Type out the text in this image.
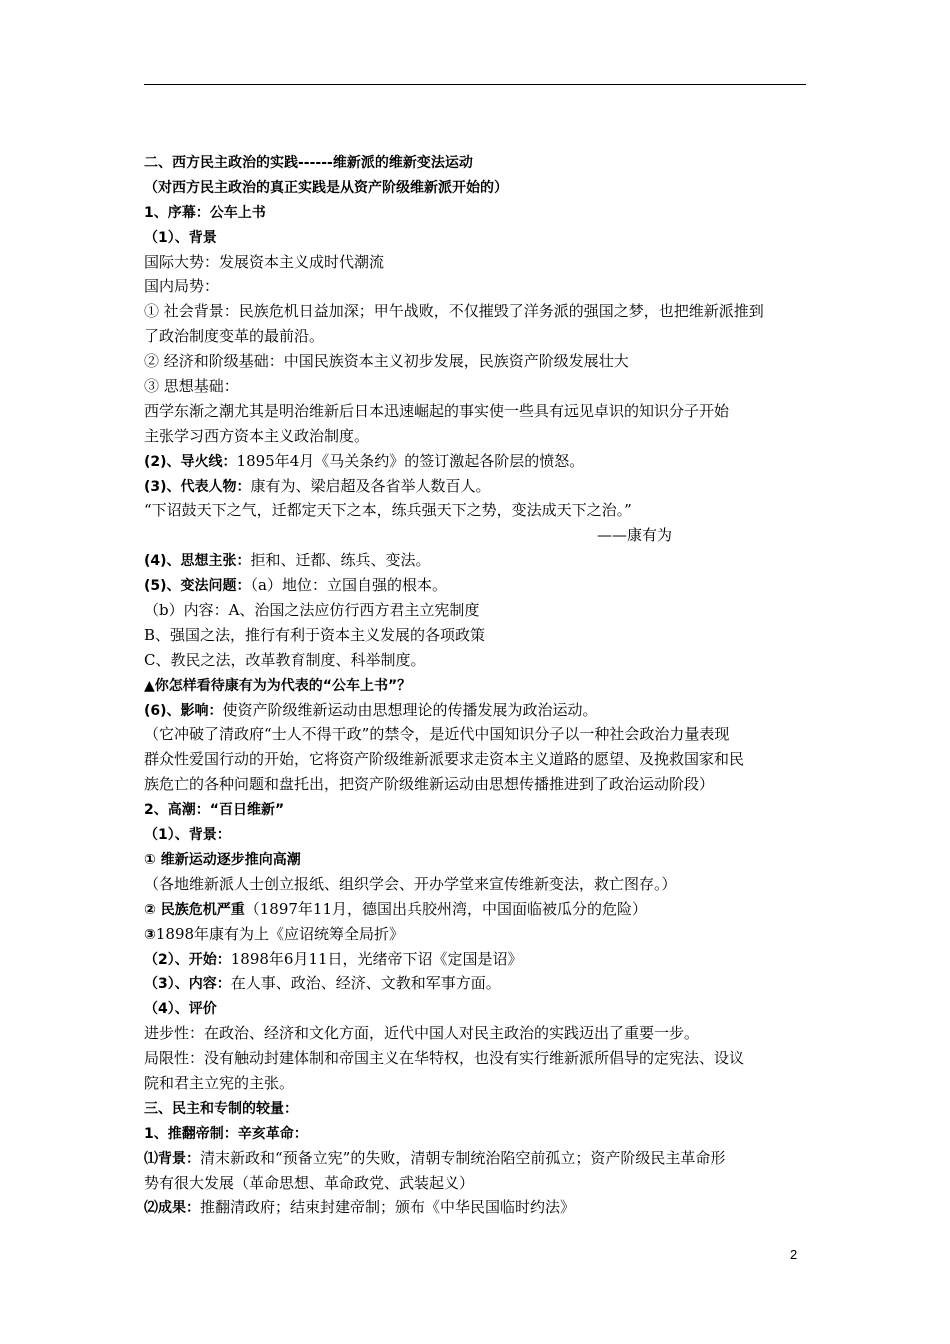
二、西方民主政治的实践------维新派的维新变法运动
（对西方民主政治的真正实践是从资产阶级维新派开始的）
1、序幕：公车上书
（1）、背景
国际大势：发展资本主义成时代潮流
国内局势：
① 社会背景：民族危机日益加深；甲午战败，不仅摧毁了洋务派的强国之梦，也把维新派推到
了政治制度变革的最前沿。
② 经济和阶级基础：中国民族资本主义初步发展，民族资产阶级发展壮大
③ 思想基础：
西学东渐之潮尤其是明治维新后日本迅速崛起的事实使一些具有远见卓识的知识分子开始
主张学习西方资本主义政治制度。
(2)、导火线：1895年4月《马关条约》的签订激起各阶层的愤怒。
(3)、代表人物：康有为、梁启超及各省举人数百人。
“下诏鼓天下之气，迁都定天下之本，练兵强天下之势，变法成天下之治。”
——康有为
(4)、思想主张：拒和、迁都、练兵、变法。
(5)、变法问题：（a）地位：立国自强的根本。
（b）内容：A、治国之法应仿行西方君主立宪制度
B、强国之法，推行有利于资本主义发展的各项政策
C、教民之法，改革教育制度、科举制度。
▲你怎样看待康有为为代表的“公车上书”？
(6)、影响：使资产阶级维新运动由思想理论的传播发展为政治运动。
（它冲破了清政府“士人不得干政”的禁令，是近代中国知识分子以一种社会政治力量表现
群众性爱国行动的开始，它将资产阶级维新派要求走资本主义道路的愿望、及挽救国家和民
族危亡的各种问题和盘托出，把资产阶级维新运动由思想传播推进到了政治运动阶段）
2、高潮：“百日维新”
（1）、背景：
① 维新运动逐步推向高潮
（各地维新派人士创立报纸、组织学会、开办学堂来宣传维新变法，救亡图存。）
② 民族危机严重（1897年11月，德国出兵胶州湾，中国面临被瓜分的危险）
③1898年康有为上《应诏统筹全局折》
（2）、开始：1898年6月11日，光绪帝下诏《定国是诏》
（3）、内容：在人事、政治、经济、文教和军事方面。
（4）、评价
进步性：在政治、经济和文化方面，近代中国人对民主政治的实践迈出了重要一步。
局限性：没有触动封建体制和帝国主义在华特权，也没有实行维新派所倡导的定宪法、设议
院和君主立宪的主张。
三、民主和专制的较量：
1、推翻帝制：辛亥革命：
⑴背景：清末新政和“预备立宪”的失败，清朝专制统治陷空前孤立；资产阶级民主革命形
势有很大发展（革命思想、革命政党、武装起义）
⑵成果：推翻清政府；结束封建帝制；颁布《中华民国临时约法》
2
